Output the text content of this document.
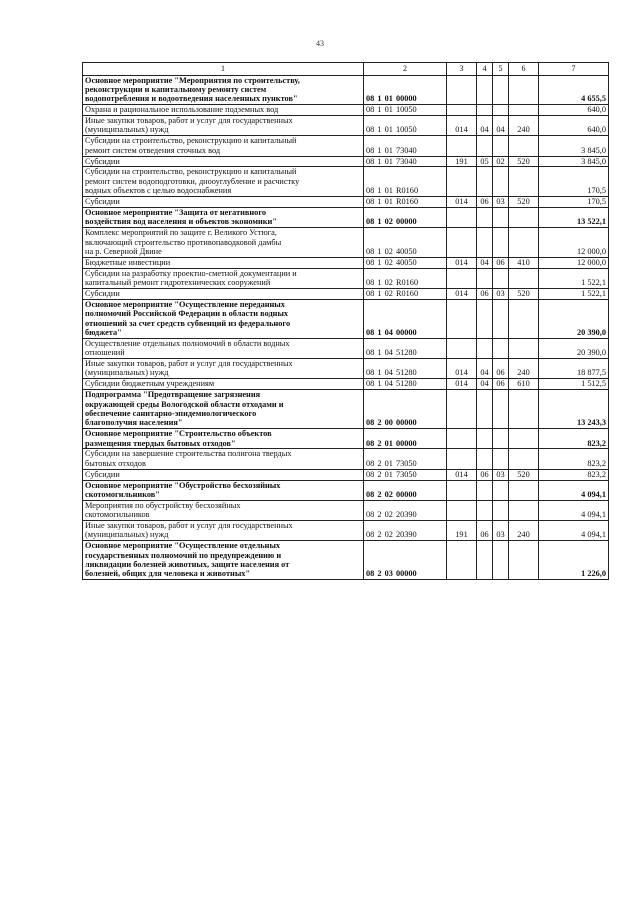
43
1	2	3	4	5	6	7
Основное мероприятие "Мероприятия по строительству,
реконструкции и капитальному ремонту систем
водопотребления и водоотведения населенных пунктов"	08 1 01 00000					4 655,5
Охрана и рациональное использование подземных вод	08 1 01 10050					640,0
Иные закупки товаров, работ и услуг для государственных
(муниципальных) нужд	08 1 01 10050	014	04	04	240	640,0
Субсидии на строительство, реконструкцию и капитальный
ремонт систем отведения сточных вод	08 1 01 73040					3 845,0
Субсидии	08 1 01 73040	191	05	02	520	3 845,0
Субсидии на строительство, реконструкцию и капитальный
ремонт систем водоподготовки, днооуглубление и расчистку
водных объектов с целью водоснабжения	08 1 01 R0160					170,5
Субсидии	08 1 01 R0160	014	06	03	520	170,5
Основное мероприятие "Защита от негативного
воздействия вод населения и объектов экономики"	08 1 02 00000					13 522,1
Комплекс мероприятий по защите г. Великого Устюга,
включающий строительство противопаводковой дамбы
на р. Северной Двине	08 1 02 40050					12 000,0
Бюджетные инвестиции	08 1 02 40050	014	04	06	410	12 000,0
Субсидии на разработку проектно-сметной документации и
капитальный ремонт гидротехнических сооружений	08 1 02 R0160					1 522,1
Субсидии	08 1 02 R0160	014	06	03	520	1 522,1
Основное мероприятие "Осуществление переданных
полномочий Российской Федерации в области водных
отношений за счет средств субвенций из федерального
бюджета"	08 1 04 00000					20 390,0
Осуществление отдельных полномочий в области водных
отношений	08 1 04 51280					20 390,0
Иные закупки товаров, работ и услуг для государственных
(муниципальных) нужд	08 1 04 51280	014	04	06	240	18 877,5
Субсидии бюджетным учреждениям	08 1 04 51280	014	04	06	610	1 512,5
Подпрограмма "Предотвращение загрязнения
окружающей среды Вологодской области отходами и
обеспечение санитарно-эпидемиологического
благополучия населения"	08 2 00 00000					13 243,3
Основное мероприятие "Строительство объектов
размещения твердых бытовых отходов"	08 2 01 00000					823,2
Субсидии на завершение строительства полигона твердых
бытовых отходов	08 2 01 73050					823,2
Субсидии	08 2 01 73050	014	06	03	520	823,2
Основное мероприятие "Обустройство бесхозяйных
скотомогильников"	08 2 02 00000					4 094,1
Мероприятия по обустройству бесхозяйных
скотомогильников	08 2 02 20390					4 094,1
Иные закупки товаров, работ и услуг для государственных
(муниципальных) нужд	08 2 02 20390	191	06	03	240	4 094,1
Основное мероприятие "Осуществление отдельных
государственных полномочий по предупреждению и
ликвидации болезней животных, защите населения от
болезней, общих для человека и животных"	08 2 03 00000					1 226,0
